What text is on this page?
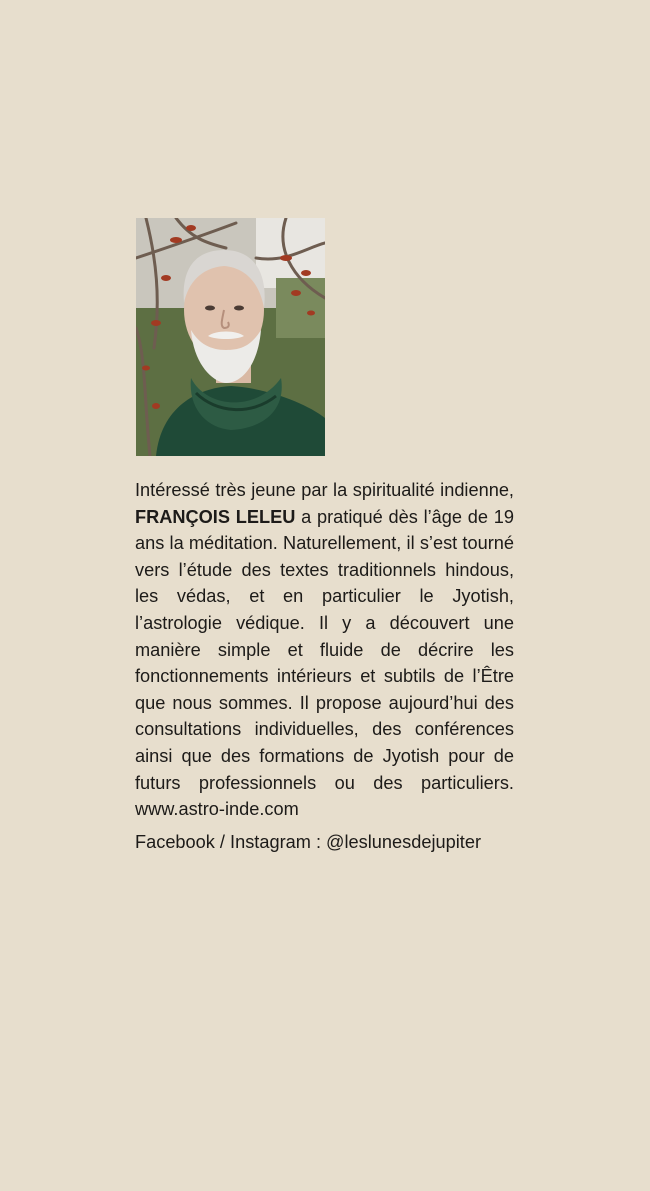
Intéressé très jeune par la spiritualité indienne, FRANÇOIS LELEU a pratiqué dès l’âge de 19 ans la méditation. Naturellement, il s’est tourné vers l’étude des textes traditionnels hindous, les védas, et en particulier le Jyotish, l’astrologie védique. Il y a découvert une manière simple et fluide de décrire les fonctionnements intérieurs et subtils de l’Être que nous sommes. Il propose aujourd’hui des consultations individuelles, des conférences ainsi que des formations de Jyotish pour de futurs professionnels ou des particuliers. www.astro-inde.com

Facebook / Instagram : @leslunesdejupiter
